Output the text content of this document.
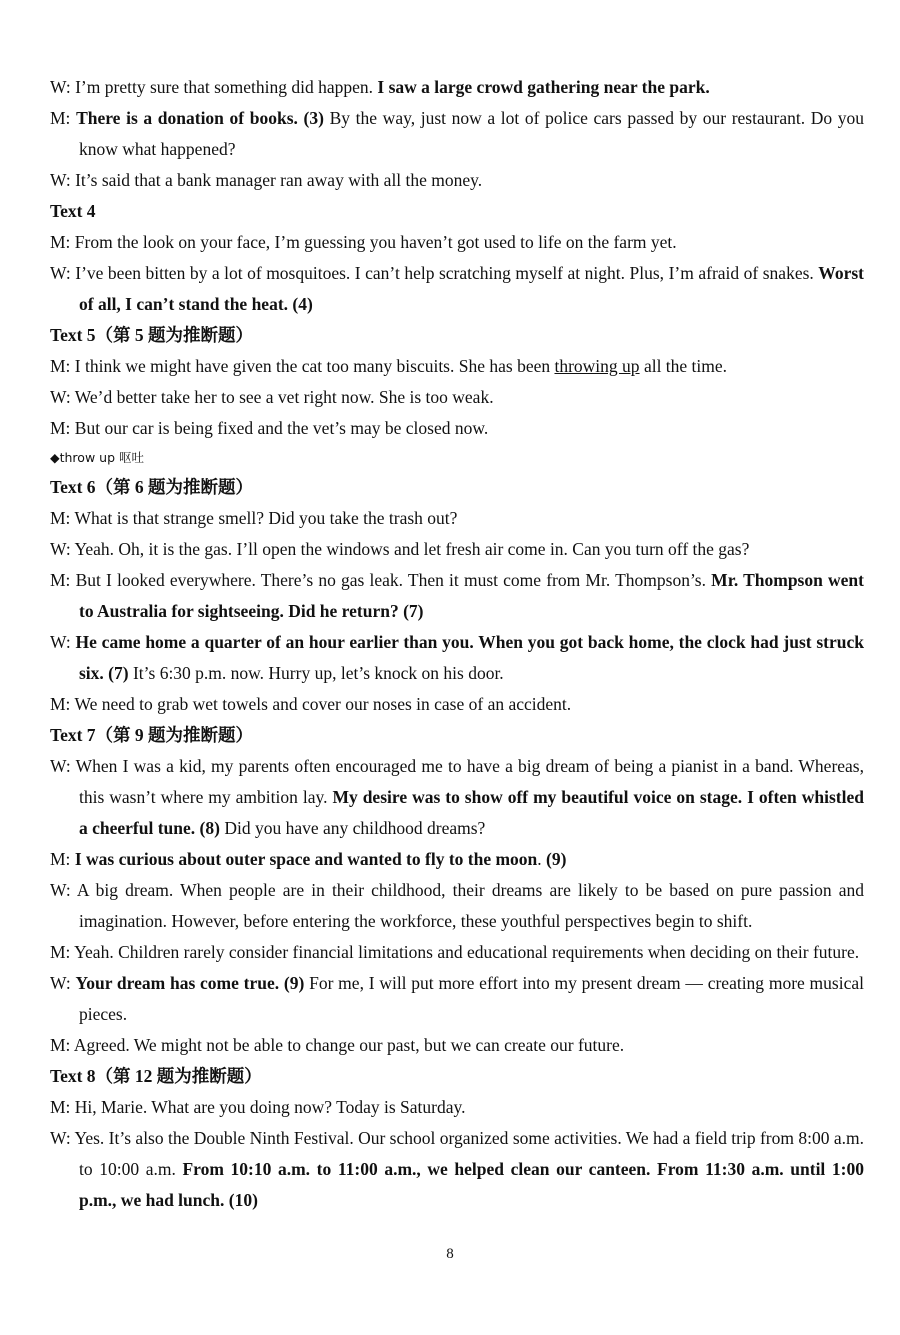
W: I’m pretty sure that something did happen. I saw a large crowd gathering near the park.

M: There is a donation of books. (3) By the way, just now a lot of police cars passed by our restaurant. Do you know what happened?

W: It’s said that a bank manager ran away with all the money.

Text 4

M: From the look on your face, I’m guessing you haven’t got used to life on the farm yet.

W: I’ve been bitten by a lot of mosquitoes. I can’t help scratching myself at night. Plus, I’m afraid of snakes. Worst of all, I can’t stand the heat. (4)

Text 5（第 5 题为推断题）

M: I think we might have given the cat too many biscuits. She has been throwing up all the time.

W: We’d better take her to see a vet right now. She is too weak.

M: But our car is being fixed and the vet’s may be closed now.

◆throw up 呕吐

Text 6（第 6 题为推断题）

M: What is that strange smell? Did you take the trash out?

W: Yeah. Oh, it is the gas. I’ll open the windows and let fresh air come in. Can you turn off the gas?

M: But I looked everywhere. There’s no gas leak. Then it must come from Mr. Thompson’s. Mr. Thompson went to Australia for sightseeing. Did he return? (7)

W: He came home a quarter of an hour earlier than you. When you got back home, the clock had just struck six. (7) It’s 6:30 p.m. now. Hurry up, let’s knock on his door.

M: We need to grab wet towels and cover our noses in case of an accident.

Text 7（第 9 题为推断题）

W: When I was a kid, my parents often encouraged me to have a big dream of being a pianist in a band. Whereas, this wasn’t where my ambition lay. My desire was to show off my beautiful voice on stage. I often whistled a cheerful tune. (8) Did you have any childhood dreams?

M: I was curious about outer space and wanted to fly to the moon. (9)

W: A big dream. When people are in their childhood, their dreams are likely to be based on pure passion and imagination. However, before entering the workforce, these youthful perspectives begin to shift.

M: Yeah. Children rarely consider financial limitations and educational requirements when deciding on their future.

W: Your dream has come true. (9) For me, I will put more effort into my present dream — creating more musical pieces.

M: Agreed. We might not be able to change our past, but we can create our future.

Text 8（第 12 题为推断题）

M: Hi, Marie. What are you doing now? Today is Saturday.

W: Yes. It’s also the Double Ninth Festival. Our school organized some activities. We had a field trip from 8:00 a.m. to 10:00 a.m. From 10:10 a.m. to 11:00 a.m., we helped clean our canteen. From 11:30 a.m. until 1:00 p.m., we had lunch. (10)

8
